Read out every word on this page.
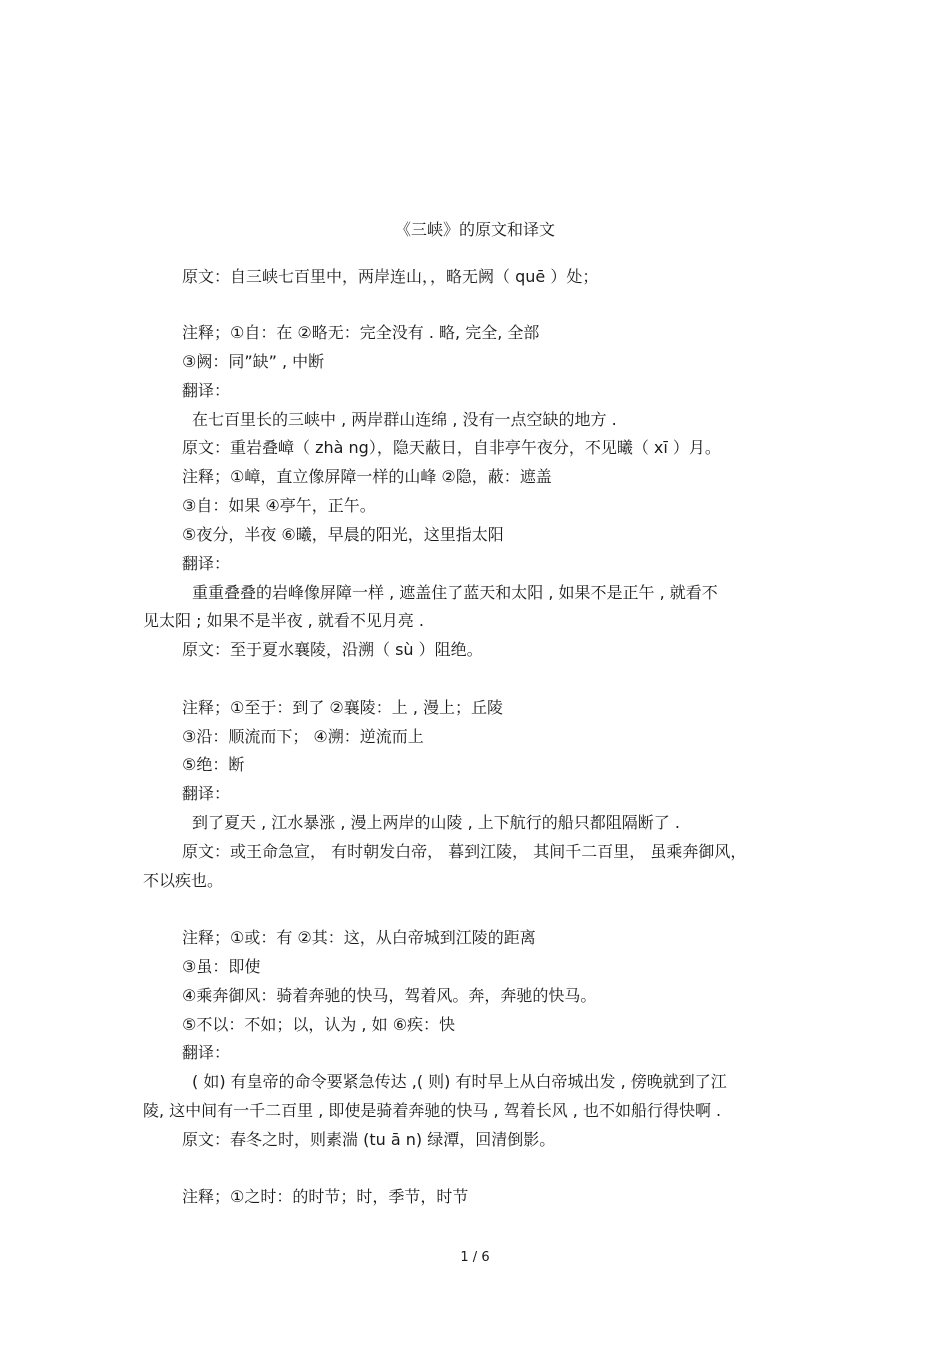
《三峡》的原文和译文
原文：自三峡七百里中，两岸连山，，略无阙（ quē ）处；
注释；①自：在 ②略无：完全没有 . 略, 完全, 全部
③阙：同”缺” , 中断
翻译：
在七百里长的三峡中 , 两岸群山连绵 , 没有一点空缺的地方 .
原文：重岩叠嶂（ zhà ng），隐天蔽日，自非亭午夜分，不见曦（ xī ）月。
注释；①嶂，直立像屏障一样的山峰 ②隐，蔽：遮盖
③自：如果 ④亭午，正午。
⑤夜分，半夜 ⑥曦，早晨的阳光，这里指太阳
翻译：
重重叠叠的岩峰像屏障一样 , 遮盖住了蓝天和太阳 , 如果不是正午 , 就看不
见太阳 ; 如果不是半夜 , 就看不见月亮 .
原文：至于夏水襄陵，沿溯（ sù ）阻绝。
注释；①至于：到了 ②襄陵：上 , 漫上；丘陵
③沿：顺流而下； ④溯：逆流而上
⑤绝：断
翻译：
到了夏天 , 江水暴涨 , 漫上两岸的山陵 , 上下航行的船只都阻隔断了 .
原文：或王命急宣， 有时朝发白帝， 暮到江陵， 其间千二百里， 虽乘奔御风，
不以疾也。
注释；①或：有 ②其：这，从白帝城到江陵的距离
③虽：即使
④乘奔御风：骑着奔驰的快马，驾着风。奔，奔驰的快马。
⑤不以：不如；以，认为 , 如 ⑥疾：快
翻译：
( 如) 有皇帝的命令要紧急传达 ,( 则) 有时早上从白帝城出发 , 傍晚就到了江
陵, 这中间有一千二百里 , 即使是骑着奔驰的快马 , 驾着长风 , 也不如船行得快啊 .
原文：春冬之时，则素湍 (tu ā n) 绿潭，回清倒影。
注释；①之时：的时节；时，季节，时节
1 / 6
